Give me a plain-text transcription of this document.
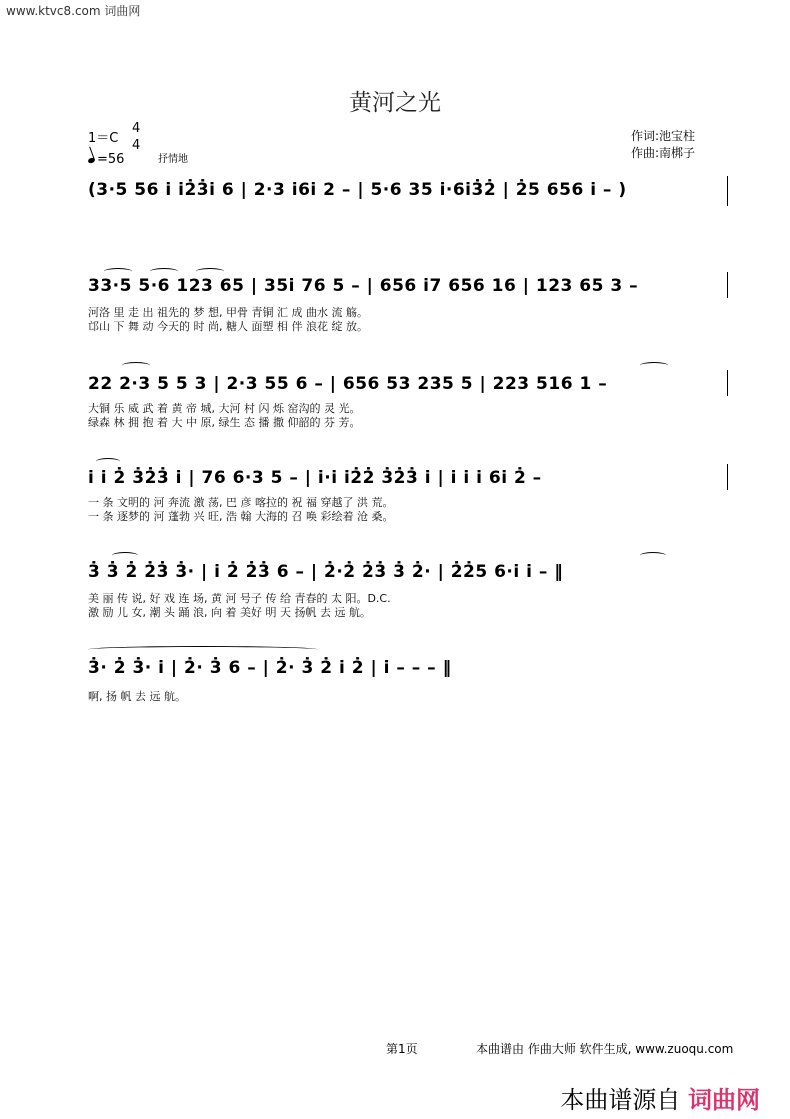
www.ktvc8.com 词曲网
黄河之光
1＝C
4
4
=56	抒情地
作词:池宝柱
作曲:南梆子
(3·5 56 i i2̇3̇i 6 | 2·3 i6i 2 – | 5·6 35 i·6i3̇2̇ | 2̇5 656 i – )
33·5 5·6 123 65 | 35i 76 5 – | 656 i7 656 16 | 123 65 3 –
河洛 里 走 出 祖先的 梦 想, 甲骨 青铜 汇 成 曲水 流 觞。
邙山 下 舞 动 今天的 时 尚, 糖人 面塑 相 伴 浪花 绽 放。
22 2·3 5 5 3 | 2·3 55 6 – | 656 53 235 5 | 223 516 1 –
大铜 乐 威 武 着 黄 帝 城, 大河 村 闪 烁 窑沟的 灵 光。
绿森 林 拥 抱 着 大 中 原, 绿生 态 播 撒 仰韶的 芬 芳。
i i 2̇ 3̇2̇3̇ i | 76 6·3 5 – | i·i i2̇2̇ 3̇2̇3̇ i | i i i 6i 2̇ –
一 条 文明的 河 奔流 激 荡, 巴 彦 喀拉的 祝 福 穿越了 洪 荒。
一 条 逐梦的 河 蓬勃 兴 旺, 浩 翰 大海的 召 唤 彩绘着 沧 桑。
3̇ 3̇ 2̇ 2̇3̇ 3̇· | i 2̇ 2̇3̇ 6 – | 2̇·2̇ 2̇3̇ 3̇ 2̇· | 2̇2̇5 6·i i – ‖
美 丽 传 说, 好 戏 连 场, 黄 河 号子 传 给 青春的 太 阳。D.C.
激 励 儿 女, 潮 头 踊 浪, 向 着 美好 明 天 扬帆 去 远 航。
3̇· 2̇ 3̇· i | 2̇· 3̇ 6 – | 2̇· 3̇ 2̇ i 2̇ | i – – – ‖
啊, 扬 帆 去 远 航。
第1页	本曲谱由 作曲大师 软件生成, www.zuoqu.com
本曲谱源自 词曲网
